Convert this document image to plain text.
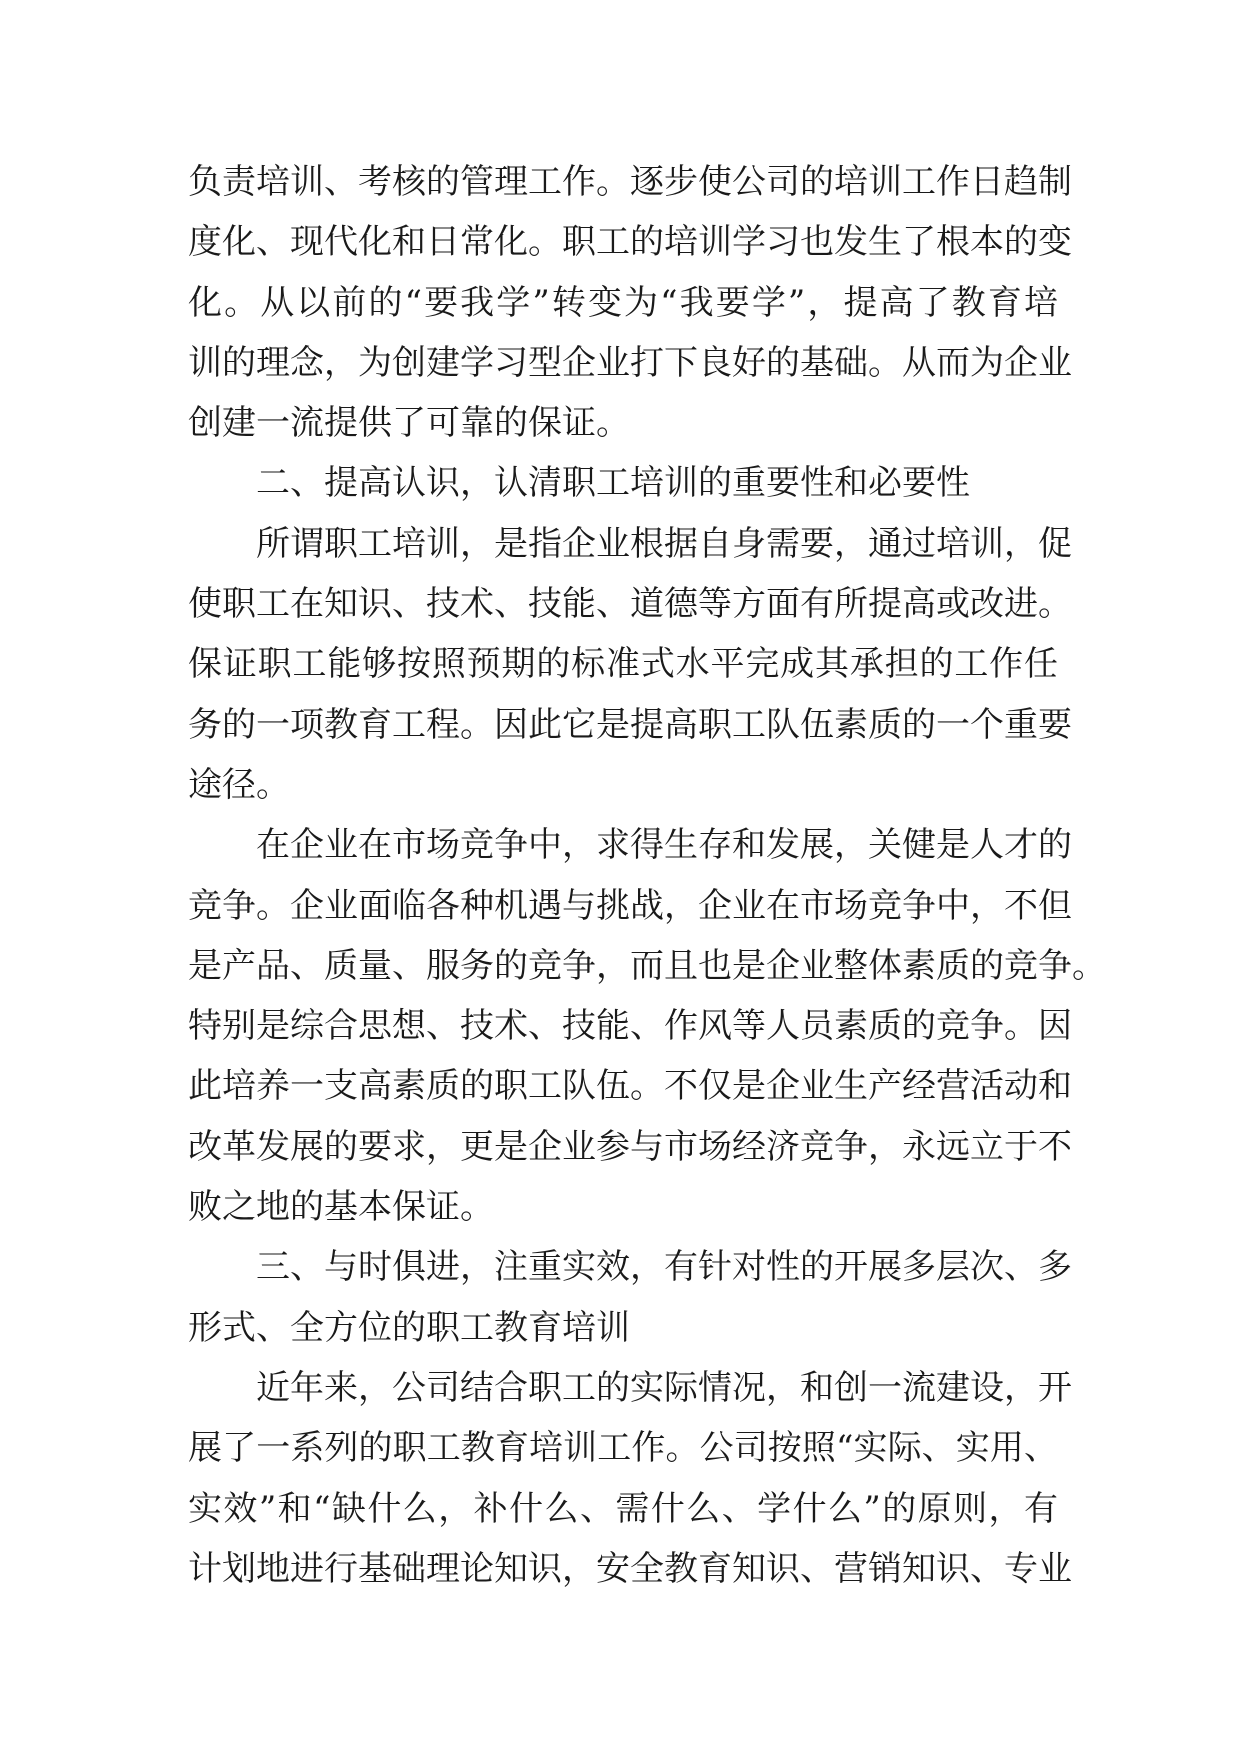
负责培训、考核的管理工作。逐步使公司的培训工作日趋制
度化、现代化和日常化。职工的培训学习也发生了根本的变
化。从以前的“要我学”转变为“我要学”，提高了教育培
训的理念，为创建学习型企业打下良好的基础。从而为企业
创建一流提供了可靠的保证。
二、提高认识，认清职工培训的重要性和必要性
所谓职工培训，是指企业根据自身需要，通过培训，促
使职工在知识、技术、技能、道德等方面有所提高或改进。
保证职工能够按照预期的标准式水平完成其承担的工作任
务的一项教育工程。因此它是提高职工队伍素质的一个重要
途径。
在企业在市场竞争中，求得生存和发展，关健是人才的
竞争。企业面临各种机遇与挑战，企业在市场竞争中，不但
是产品、质量、服务的竞争，而且也是企业整体素质的竞争。
特别是综合思想、技术、技能、作风等人员素质的竞争。因
此培养一支高素质的职工队伍。不仅是企业生产经营活动和
改革发展的要求，更是企业参与市场经济竞争，永远立于不
败之地的基本保证。
三、与时俱进，注重实效，有针对性的开展多层次、多
形式、全方位的职工教育培训
近年来，公司结合职工的实际情况，和创一流建设，开
展了一系列的职工教育培训工作。公司按照“实际、实用、
实效”和“缺什么，补什么、需什么、学什么”的原则，有
计划地进行基础理论知识，安全教育知识、营销知识、专业
